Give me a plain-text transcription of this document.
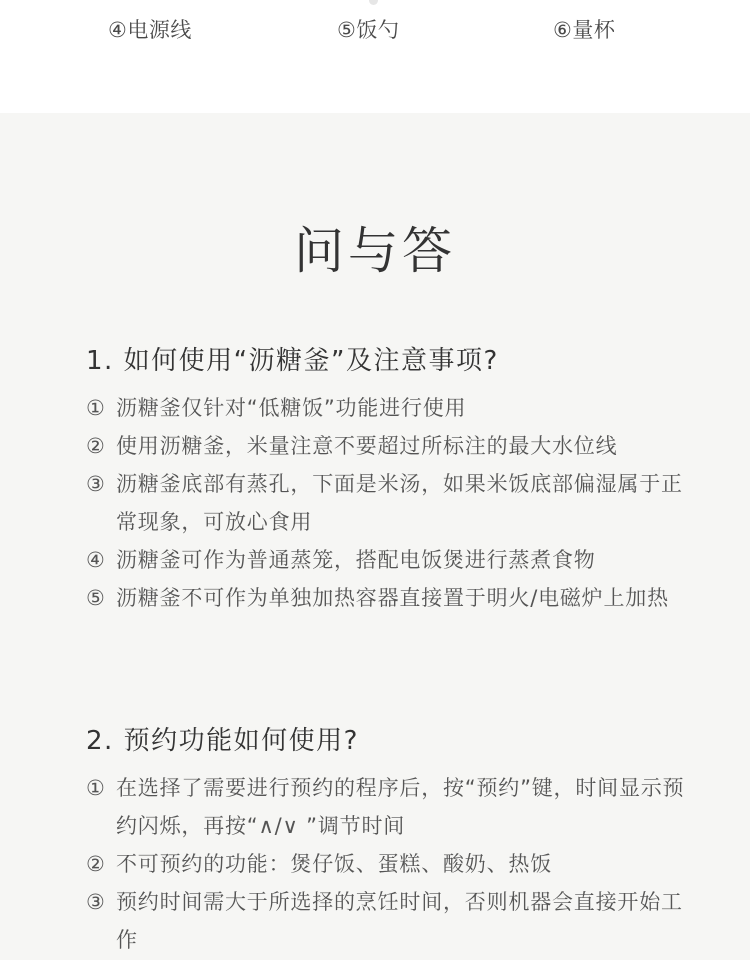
④电源线	⑤饭勺	⑥量杯
问与答
1. 如何使用“沥糖釜”及注意事项?
① 沥糖釜仅针对“低糖饭”功能进行使用
② 使用沥糖釜，米量注意不要超过所标注的最大水位线
③ 沥糖釜底部有蒸孔，下面是米汤，如果米饭底部偏湿属于正常现象，可放心食用
④ 沥糖釜可作为普通蒸笼，搭配电饭煲进行蒸煮食物
⑤ 沥糖釜不可作为单独加热容器直接置于明火/电磁炉上加热
2. 预约功能如何使用?
① 在选择了需要进行预约的程序后，按“预约”键，时间显示预约闪烁，再按“∧/∨ ”调节时间
② 不可预约的功能：煲仔饭、蛋糕、酸奶、热饭
③ 预约时间需大于所选择的烹饪时间，否则机器会直接开始工作
